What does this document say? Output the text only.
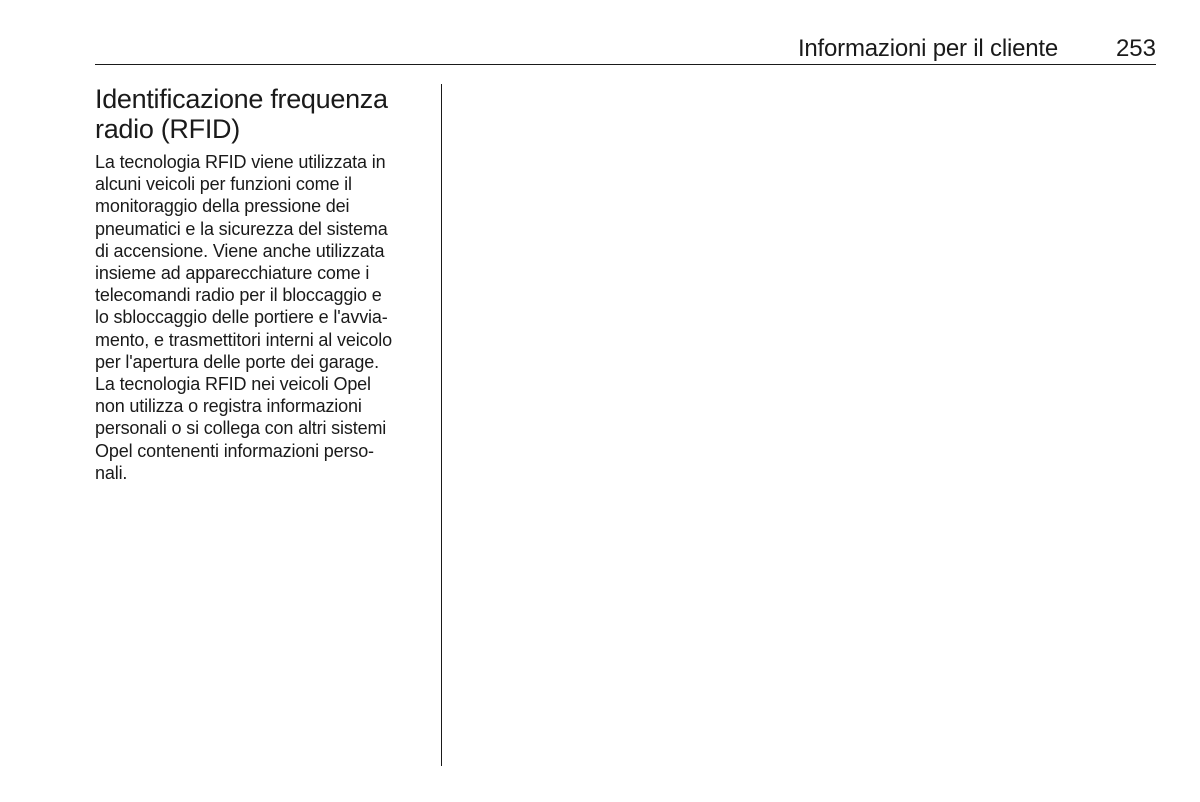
Informazioni per il cliente 253
Identificazione frequenza
radio (RFID)

La tecnologia RFID viene utilizzata in
alcuni veicoli per funzioni come il
monitoraggio della pressione dei
pneumatici e la sicurezza del sistema
di accensione. Viene anche utilizzata
insieme ad apparecchiature come i
telecomandi radio per il bloccaggio e
lo sbloccaggio delle portiere e l'avvia-
mento, e trasmettitori interni al veicolo
per l'apertura delle porte dei garage.
La tecnologia RFID nei veicoli Opel
non utilizza o registra informazioni
personali o si collega con altri sistemi
Opel contenenti informazioni perso-
nali.
